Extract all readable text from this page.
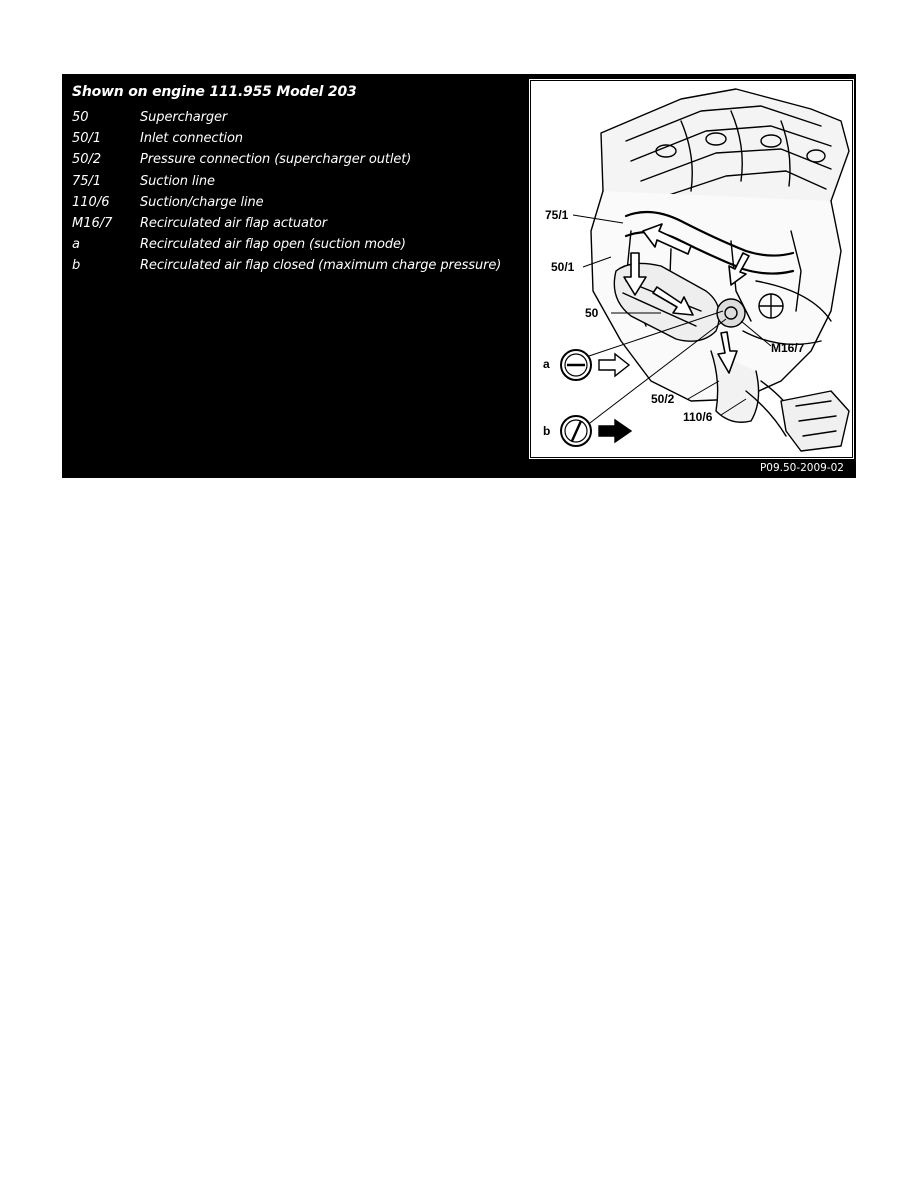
Shown on engine 111.955 Model 203
50	Supercharger
50/1	Inlet connection
50/2	Pressure connection (supercharger outlet)
75/1	Suction line
110/6 Suction/charge line
M16/7 Recirculated air flap actuator
a	Recirculated air flap open (suction mode)
b	Recirculated air flap closed (maximum charge pressure)
75/1
50/1
50
M16/7
50/2
110/6
a
b
P09.50-2009-02
